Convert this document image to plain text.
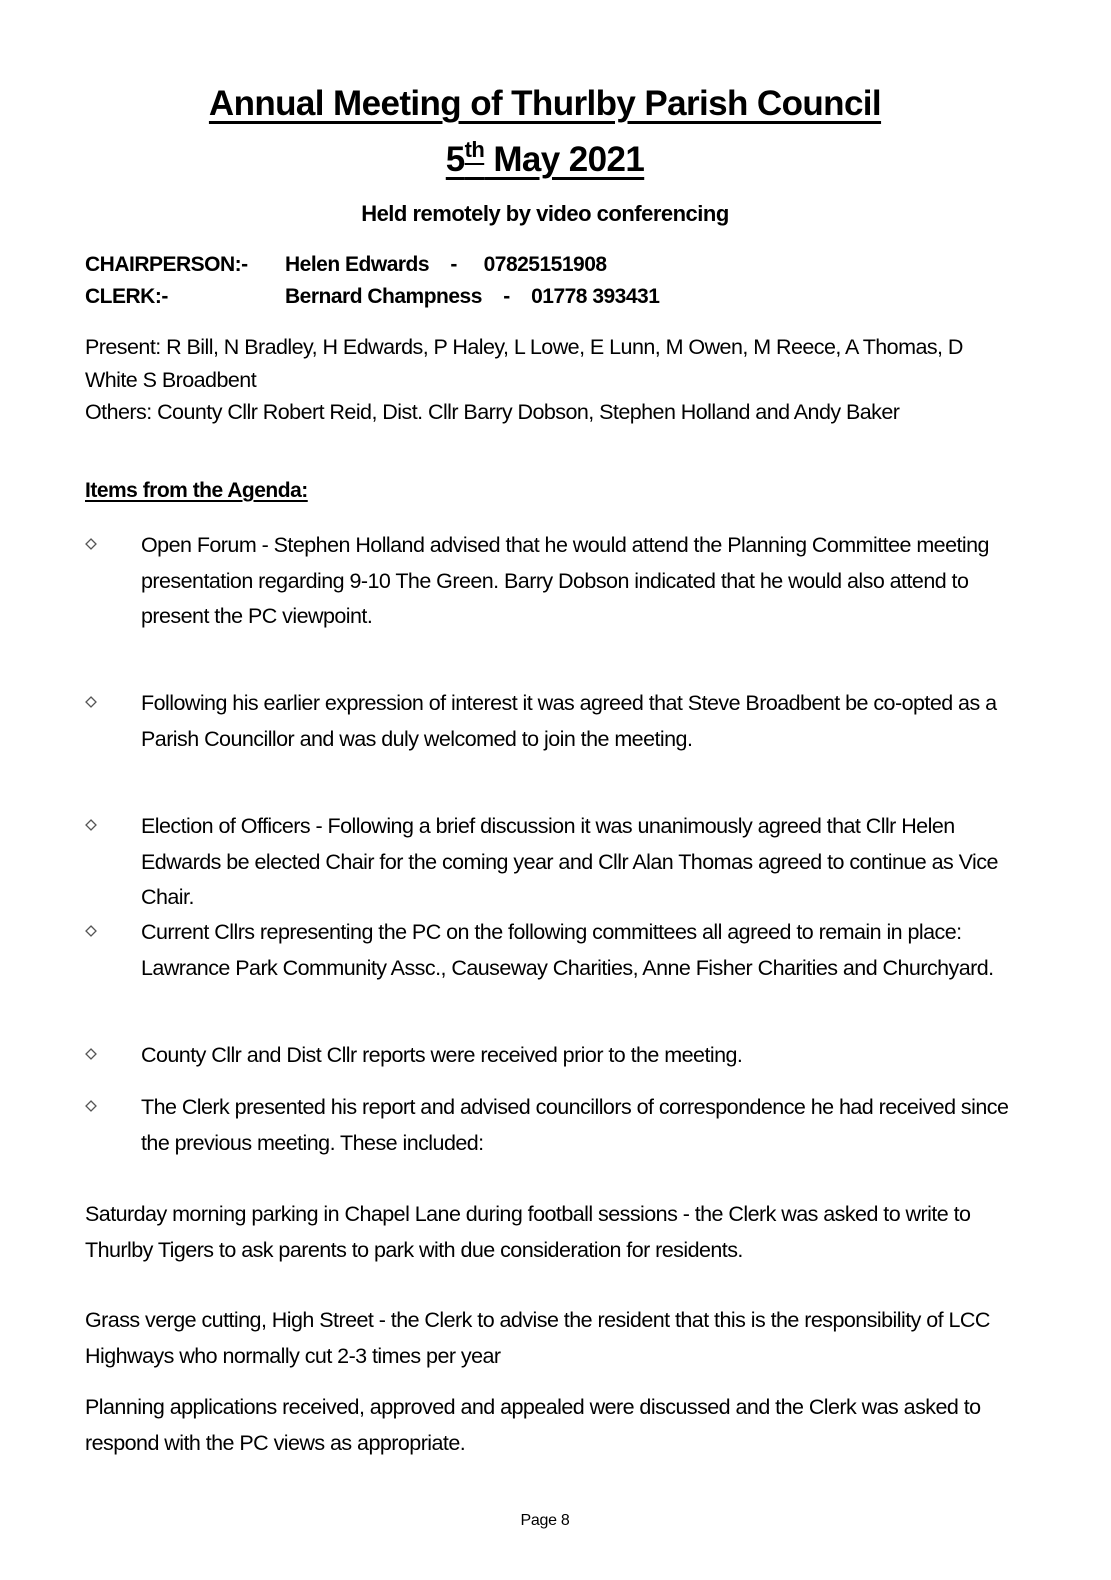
Annual Meeting of Thurlby Parish Council
5th May 2021
Held remotely by video conferencing
CHAIRPERSON:- Helen Edwards - 07825151908
CLERK:-	Bernard Champness - 01778 393431
Present: R Bill, N Bradley, H Edwards, P Haley, L Lowe, E Lunn, M Owen, M Reece, A Thomas, D White S Broadbent
Others: County Cllr Robert Reid, Dist. Cllr Barry Dobson, Stephen Holland and Andy Baker
Items from the Agenda:
Open Forum - Stephen Holland advised that he would attend the Planning Committee meeting presentation regarding 9-10 The Green. Barry Dobson indicated that he would also attend to present the PC viewpoint.
Following his earlier expression of interest it was agreed that Steve Broadbent be co-opted as a Parish Councillor and was duly welcomed to join the meeting.
Election of Officers - Following a brief discussion it was unanimously agreed that Cllr Helen Edwards be elected Chair for the coming year and Cllr Alan Thomas agreed to continue as Vice Chair.
Current Cllrs representing the PC on the following committees all agreed to remain in place: Lawrance Park Community Assc., Causeway Charities, Anne Fisher Charities and Churchyard.
County Cllr and Dist Cllr reports were received prior to the meeting.
The Clerk presented his report and advised councillors of correspondence he had received since the previous meeting. These included:
Saturday morning parking in Chapel Lane during football sessions - the Clerk was asked to write to Thurlby Tigers to ask parents to park with due consideration for residents.
Grass verge cutting, High Street - the Clerk to advise the resident that this is the responsibility of LCC Highways who normally cut 2-3 times per year
Planning applications received, approved and appealed were discussed and the Clerk was asked to respond with the PC views as appropriate.
Page 8
